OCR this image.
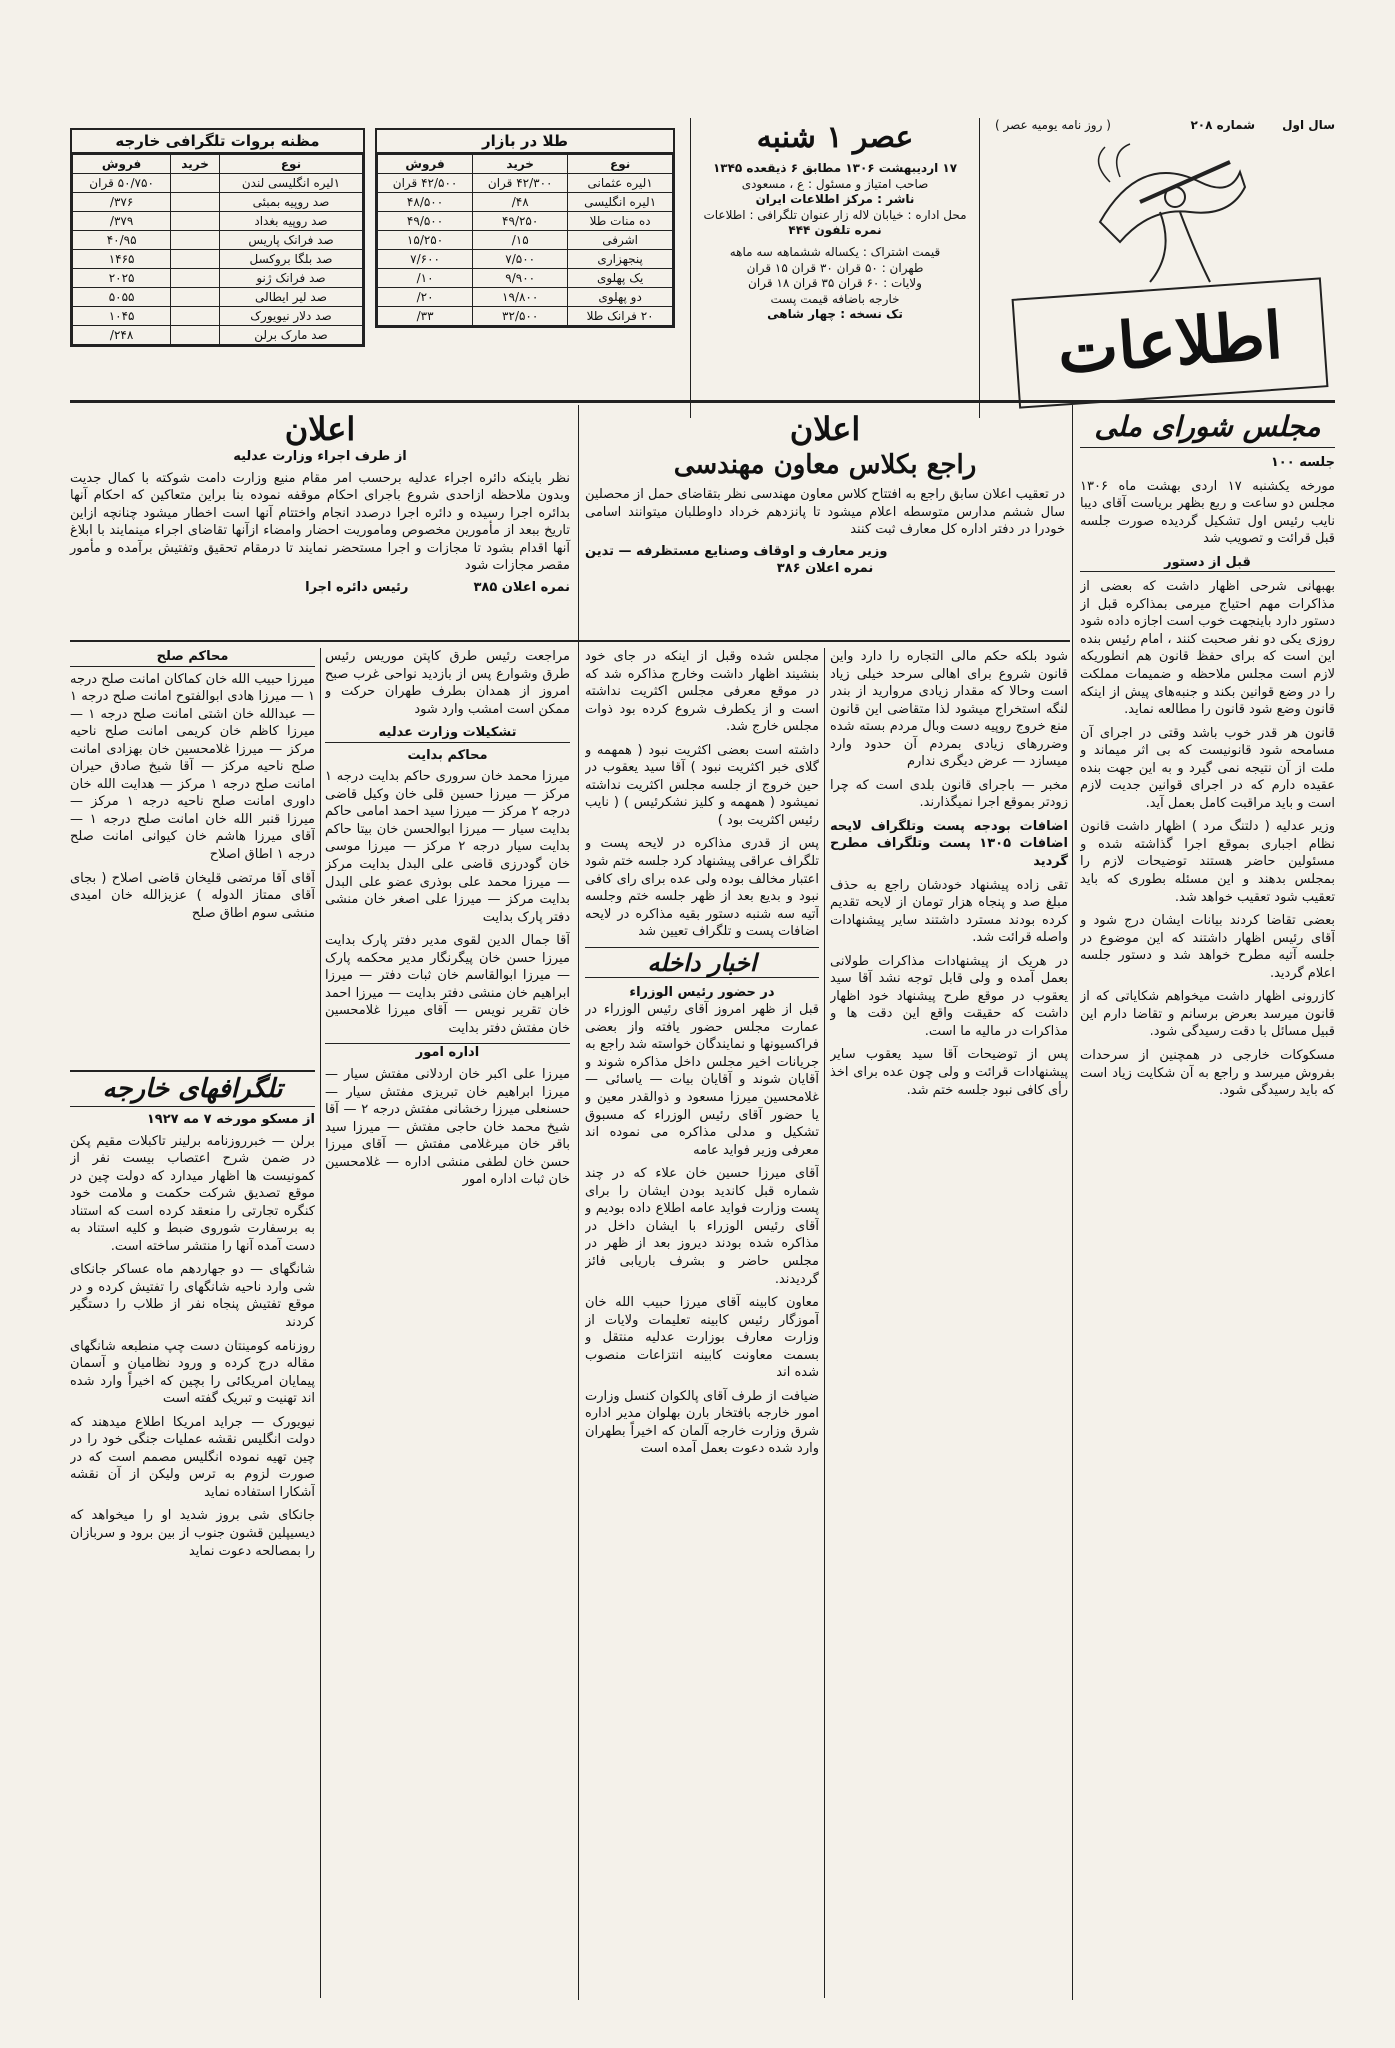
سال اول
شماره ۲۰۸
( روز نامه یومیه عصر )
اطلاعات
عصر ۱ شنبه
۱۷ اردیبهشت ۱۳۰۶ مطابق ۶ ذیقعده ۱۳۴۵
صاحب امتیاز و مسئول : ع ، مسعودی
ناشر : مرکز اطلاعات ایران
محل اداره : خیابان لاله زار عنوان تلگرافی : اطلاعات
نمره تلفون ۴۴۴
قیمت اشتراک : یکساله ششماهه سه ماهه
طهران : ۵۰ قران ۳۰ قران ۱۵ قران
ولایات : ۶۰ قران ۳۵ قران ۱۸ قران
خارجه باضافه قیمت پست
تک نسخه : چهار شاهی
طلا در بازار
نوع	خرید	فروش
۱لیره عثمانی	۴۲/۳۰۰ قران	۴۲/۵۰۰ قران
۱لیره انگلیسی	۴۸/	۴۸/۵۰۰
ده منات طلا	۴۹/۲۵۰	۴۹/۵۰۰
اشرفی	۱۵/	۱۵/۲۵۰
پنجهزاری	۷/۵۰۰	۷/۶۰۰
یک پهلوی	۹/۹۰۰	۱۰/
دو پهلوی	۱۹/۸۰۰	۲۰/
۲۰ فرانک طلا	۳۲/۵۰۰	۳۳/
مظنه بروات تلگرافی خارجه
نوع	خرید	فروش
۱لیره انگلیسی لندن		۵۰/۷۵۰ قران
صد روپیه بمبئی		۳۷۶/
صد روپیه بغداد		۳۷۹/
صد فرانک پاریس		۴۰/۹۵
صد بلگا بروکسل		۱۴۶۵
صد فرانک ژنو		۲۰۲۵
صد لیر ایطالی		۵۰۵۵
صد دلار نیویورک		۱۰۴۵
صد مارک برلن		۲۴۸/
مجلس شورای ملی
جلسه ۱۰۰
مورخه یکشنبه ۱۷ اردی بهشت ماه ۱۳۰۶ مجلس دو ساعت و ربع بظهر بریاست آقای دیبا نایب رئیس اول تشکیل گردیده صورت جلسه قبل قرائت و تصویب شد
قبل از دستور

بهبهانی شرحی اظهار داشت که بعضی از مذاکرات مهم احتیاج میرمی بمذاکره قبل از دستور دارد باینجهت خوب است اجازه داده شود روزی یکی دو نفر صحبت کنند ، امام رئیس بنده این است که برای حفظ قانون هم انطوریکه لازم است مجلس ملاحظه و ضمیمات مملکت را در وضع قوانین بکند و جنبه‌های پیش از اینکه قانون وضع شود قانون را مطالعه نماید.

قانون هر قدر خوب باشد وقتی در اجرای آن مسامحه شود قانونیست که بی اثر میماند و ملت از آن نتیجه نمی گیرد و به این جهت بنده عقیده دارم که در اجرای قوانین جدیت لازم است و باید مراقبت کامل بعمل آید.

وزیر عدلیه ( دلتنگ مرد ) اظهار داشت قانون نظام اجباری بموقع اجرا گذاشته شده و مسئولین حاضر هستند توضیحات لازم را بمجلس بدهند و این مسئله بطوری که باید تعقیب شود تعقیب خواهد شد.

بعضی تقاضا کردند بیانات ایشان درج شود و آقای رئیس اظهار داشتند که این موضوع در جلسه آتیه مطرح خواهد شد و دستور جلسه اعلام گردید.

کازرونی اظهار داشت میخواهم شکایاتی که از قانون میرسد بعرض برسانم و تقاضا دارم این قبیل مسائل با دقت رسیدگی شود.

مسکوکات خارجی در همچنین از سرحدات بفروش میرسد و راجع به آن شکایت زیاد است که باید رسیدگی شود.

اعلان
راجع بکلاس معاون مهندسی
در تعقیب اعلان سابق راجع به افتتاح کلاس معاون مهندسی نظر بتقاضای حمل از محصلین سال ششم مدارس متوسطه اعلام میشود تا پانزدهم خرداد داوطلبان میتوانند اسامی خودرا در دفتر اداره کل معارف ثبت کنند
وزیر معارف و اوقاف وصنایع مستظرفه — تدین
نمره اعلان ۳۸۶
اعلان
از طرف اجراء وزارت عدلیه
نظر باینکه دائره اجراء عدلیه برحسب امر مقام منیع وزارت دامت شوکته با کمال جدیت وبدون ملاحظه ازاحدی شروع باجرای احکام موقفه نموده بنا براین متعاکین که احکام آنها بدائره اجرا رسیده و دائره اجرا درصدد انجام واختتام آنها است اخطار میشود چنانچه ازاین تاریخ ببعد از مأمورین مخصوص وماموریت احضار وامضاء ازآنها تقاضای اجراء مینمایند با ابلاغ آنها اقدام بشود تا مجازات و اجرا مستحضر نمایند تا درمقام تحقیق وتفتیش برآمده و مأمور مقصر مجازات شود
نمره اعلان ۳۸۵ رئیس دائره اجرا

شود بلکه حکم مالی التجاره را دارد واین قانون شروع برای اهالی سرحد خیلی زیاد است وحالا که مقدار زیادی مروارید از بندر لنگه استخراج میشود لذا متقاضی این قانون منع خروج روپیه دست وبال مردم بسته شده وضررهای زیادی بمردم آن حدود وارد میسازد — عرض دیگری ندارم

مخبر — باجرای قانون بلدی است که چرا زودتر بموقع اجرا نمیگذارند.

اضافات بودجه پست وتلگراف لایحه اضافات ۱۳۰۵ پست وتلگراف مطرح گردید

تقی زاده پیشنهاد خودشان راجع به حذف مبلغ صد و پنجاه هزار تومان از لایحه تقدیم کرده بودند مسترد داشتند سایر پیشنهادات واصله قرائت شد.

در هریک از پیشنهادات مذاکرات طولانی بعمل آمده و ولی قابل توجه نشد آقا سید یعقوب در موقع طرح پیشنهاد خود اظهار داشت که حقیقت واقع این دقت ها و مذاکرات در مالیه ما است.

پس از توضیحات آقا سید یعقوب سایر پیشنهادات قرائت و ولی چون عده برای اخذ رأی کافی نبود جلسه ختم شد.

مجلس شده وقبل از اینکه در جای خود بنشیند اظهار داشت وخارج مذاکره شد که در موقع معرفی مجلس اکثریت نداشته است و از یکطرف شروع کرده بود ذوات مجلس خارج شد.

داشته است بعضی اکثریت نبود ( همهمه و گلای خبر اکثریت نبود ) آقا سید یعقوب در حین خروج از جلسه مجلس اکثریت نداشته نمیشود ( همهمه و کلیز نشکرئیس ) ( نایب رئیس اکثریت بود )

پس از قدری مذاکره در لایحه پست و تلگراف عراقی پیشنهاد کرد جلسه ختم شود اعتبار مخالف بوده ولی عده برای رای کافی نبود و بدیع بعد از ظهر جلسه ختم وجلسه آتیه سه شنبه دستور بقیه مذاکره در لایحه اضافات پست و تلگراف تعیین شد

اخبار داخله
در حضور رئیس الوزراء

قبل از ظهر امروز آقای رئیس الوزراء در عمارت مجلس حضور یافته واز بعضی فراکسیونها و نمایندگان خواسته شد راجع به جریانات اخیر مجلس داخل مذاکره شوند و آقایان شوند و آقایان بیات — یاسائی — غلامحسین میرزا مسعود و ذوالقدر معین و یا حضور آقای رئیس الوزراء که مسبوق تشکیل و مدلی مذاکره می نموده اند معرفی وزیر فواید عامه

آقای میرزا حسین خان علاء که در چند شماره قبل کاندید بودن ایشان را برای پست وزارت فواید عامه اطلاع داده بودیم و آقای رئیس الوزراء با ایشان داخل در مذاکره شده بودند دیروز بعد از ظهر در مجلس حاضر و بشرف باریابی فائز گردیدند.

معاون کابینه آقای میرزا حبیب الله خان آموزگار رئیس کابینه تعلیمات ولایات از وزارت معارف بوزارت عدلیه منتقل و بسمت معاونت کابینه انتزاعات منصوب شده اند

ضیافت از طرف آقای پالکوان کنسل وزارت امور خارجه بافتخار بارن بهلوان مدیر اداره شرق وزارت خارجه آلمان که اخیراً بطهران وارد شده دعوت بعمل آمده است

مراجعت رئیس طرق کاپتن موریس رئیس طرق وشوارع پس از بازدید نواحی غرب صبح امروز از همدان بطرف طهران حرکت و ممکن است امشب وارد شود

تشکیلات وزارت عدلیه
محاکم بدایت

میرزا محمد خان سروری حاکم بدایت درجه ۱ مرکز — میرزا حسین قلی خان وکیل قاضی درجه ۲ مرکز — میرزا سید احمد امامی حاکم بدایت سیار — میرزا ابوالحسن خان بیتا حاکم بدایت سیار درجه ۲ مرکز — میرزا موسی خان گودرزی قاضی علی البدل بدایت مرکز — میرزا محمد علی بوذری عضو علی البدل بدایت مرکز — میرزا علی اصغر خان منشی دفتر پارک بدایت

آقا جمال الدین لقوی مدیر دفتر پارک بدایت میرزا حسن خان پیگرنگار مدیر محکمه پارک — میرزا ابوالقاسم خان ثبات دفتر — میرزا ابراهیم خان منشی دفتر بدایت — میرزا احمد خان تقریر نویس — آقای میرزا غلامحسین خان مفتش دفتر بدایت

اداره امور

میرزا علی اکبر خان اردلانی مفتش سیار — میرزا ابراهیم خان تبریزی مفتش سیار — حسنعلی میرزا رخشانی مفتش درجه ۲ — آقا شیخ محمد خان حاجی مفتش — میرزا سید باقر خان میرغلامی مفتش — آقای میرزا حسن خان لطفی منشی اداره — غلامحسین خان ثبات اداره امور

محاکم صلح

میرزا حبیب الله خان کماکان امانت صلح درجه ۱ — میرزا هادی ابوالفتوح امانت صلح درجه ۱ — عبدالله خان اشتی امانت صلح درجه ۱ — میرزا کاظم خان کریمی امانت صلح ناحیه مرکز — میرزا غلامحسین خان بهزادی امانت صلح ناحیه مرکز — آقا شیخ صادق حیران امانت صلح درجه ۱ مرکز — هدایت الله خان داوری امانت صلح ناحیه درجه ۱ مرکز — میرزا قنبر الله خان امانت صلح درجه ۱ — آقای میرزا هاشم خان کیوانی امانت صلح درجه ۱ اطاق اصلاح

آقای آقا مرتضی قلیخان قاضی اصلاح ( بجای آقای ممتاز الدوله ) عزیزالله خان امیدی منشی سوم اطاق صلح

تلگرافهای خارجه
از مسکو مورخه ۷ مه ۱۹۲۷

برلن — خبرروزنامه برلینر تاکبلات مقیم پکن در ضمن شرح اعتصاب بیست نفر از کمونیست ها اظهار میدارد که دولت چین در موقع تصدیق شرکت حکمت و ملامت خود کنگره تجارتی را منعقد کرده است که استناد به برسفارت شوروی ضبط و کلیه استناد به دست آمده آنها را منتشر ساخته است.

شانگهای — دو جهاردهم ماه عساکر جانکای شی وارد ناحیه شانگهای را تفتیش کرده و در موقع تفتیش پنجاه نفر از طلاب را دستگیر کردند

روزنامه کومینتان دست چپ منطبعه شانگهای مقاله درج کرده و ورود نظامیان و آسمان پیمایان امریکائی را بچین که اخیراً وارد شده اند تهنیت و تبریک گفته است

نیویورک — جراید امریکا اطلاع میدهند که دولت انگلیس نقشه عملیات جنگی خود را در چین تهیه نموده انگلیس مصمم است که در صورت لزوم به ترس ولیکن از آن نقشه آشکارا استفاده نماید

جانکای شی بروز شدید او را میخواهد که دیسیپلین قشون جنوب از بین برود و سربازان را بمصالحه دعوت نماید
